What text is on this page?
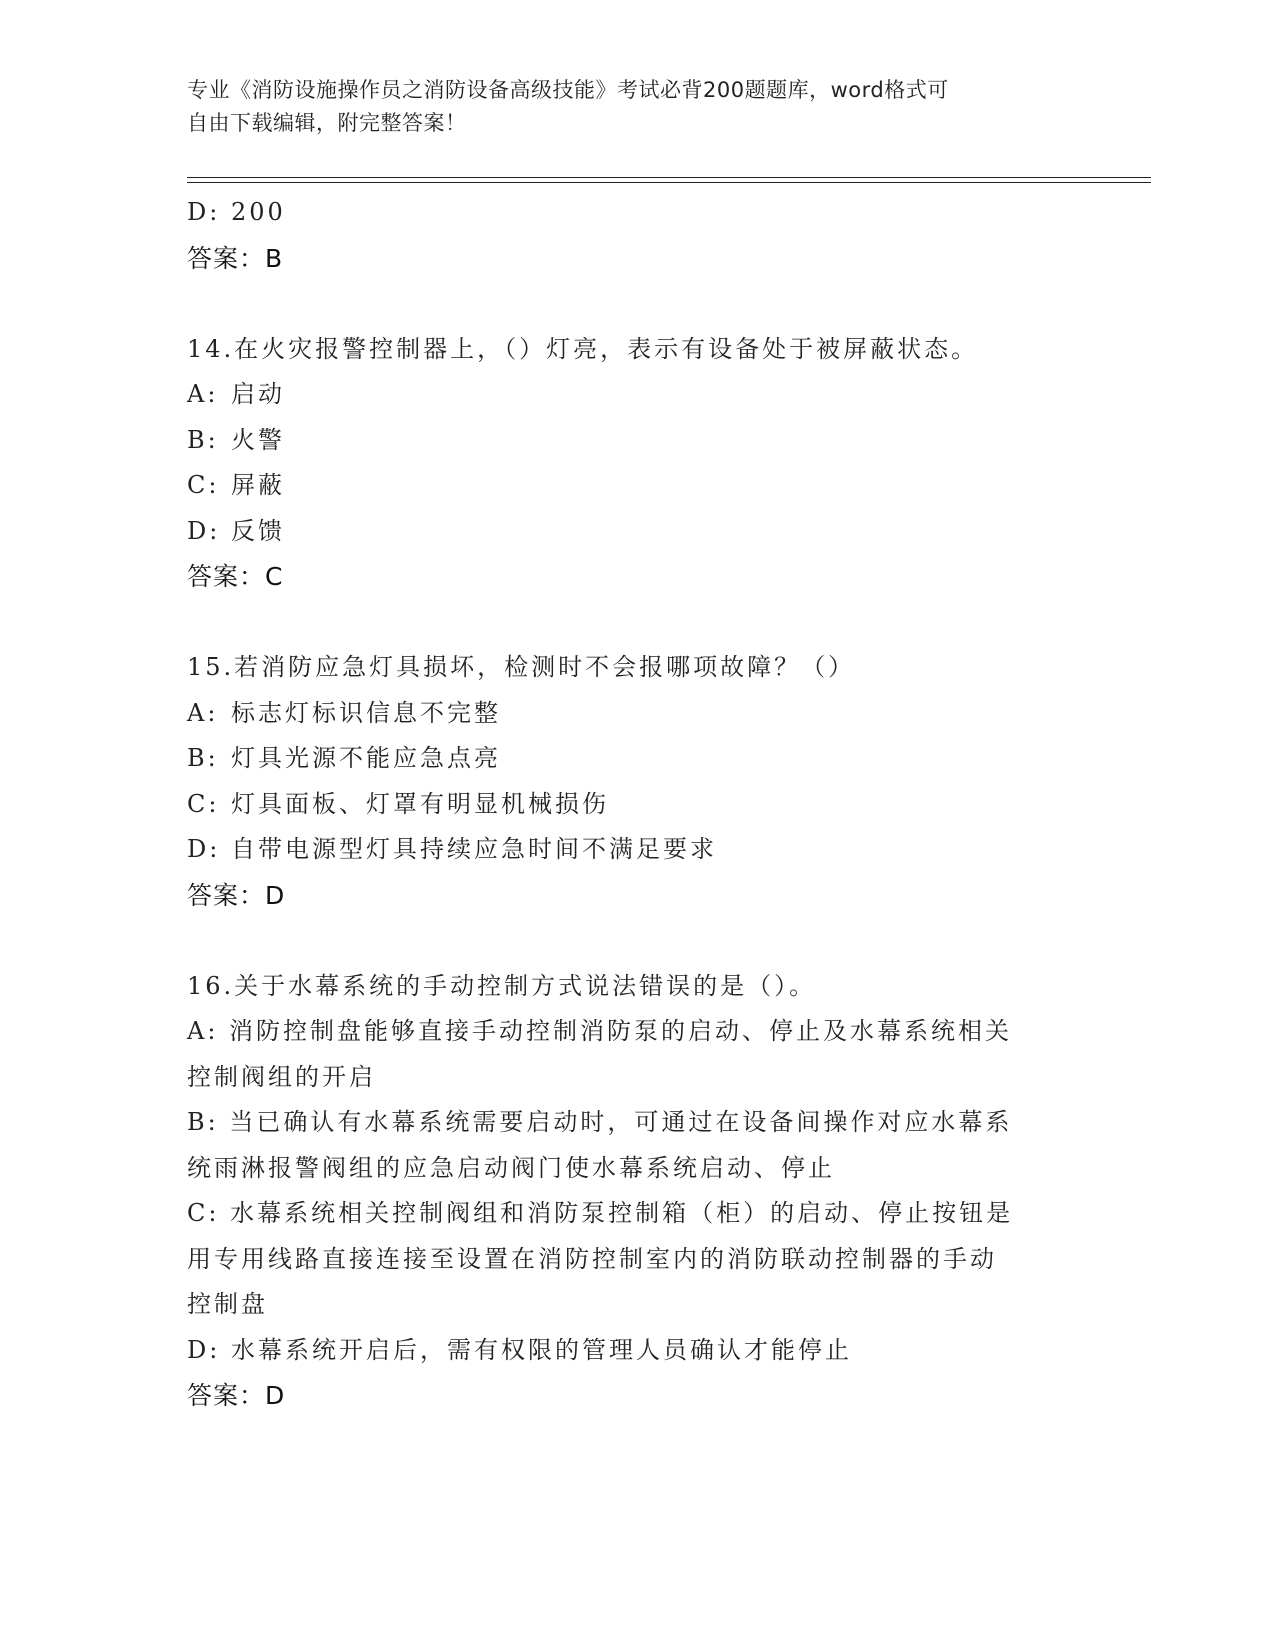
专业《消防设施操作员之消防设备高级技能》考试必背200题题库，word格式可
自由下载编辑，附完整答案！
D: 200
答案：B
14.在火灾报警控制器上，（）灯亮，表示有设备处于被屏蔽状态。
A: 启动
B: 火警
C: 屏蔽
D: 反馈
答案：C
15.若消防应急灯具损坏，检测时不会报哪项故障？（）
A: 标志灯标识信息不完整
B: 灯具光源不能应急点亮
C: 灯具面板、灯罩有明显机械损伤
D: 自带电源型灯具持续应急时间不满足要求
答案：D
16.关于水幕系统的手动控制方式说法错误的是（）。
A: 消防控制盘能够直接手动控制消防泵的启动、停止及水幕系统相关
控制阀组的开启
B: 当已确认有水幕系统需要启动时，可通过在设备间操作对应水幕系
统雨淋报警阀组的应急启动阀门使水幕系统启动、停止
C: 水幕系统相关控制阀组和消防泵控制箱（柜）的启动、停止按钮是
用专用线路直接连接至设置在消防控制室内的消防联动控制器的手动
控制盘
D: 水幕系统开启后，需有权限的管理人员确认才能停止
答案：D
